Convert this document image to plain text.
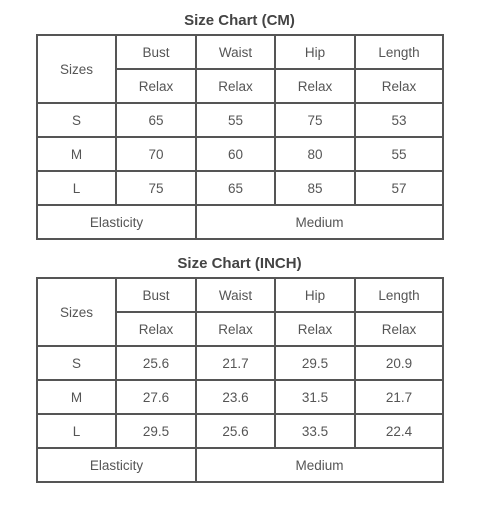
Size Chart (CM)
Sizes	Bust	Waist	Hip	Length
	Relax	Relax	Relax	Relax
S	65	55	75	53
M	70	60	80	55
L	75	65	85	57
Elasticity		Medium		
Size Chart (INCH)
Sizes	Bust	Waist	Hip	Length
	Relax	Relax	Relax	Relax
S	25.6	21.7	29.5	20.9
M	27.6	23.6	31.5	21.7
L	29.5	25.6	33.5	22.4
Elasticity		Medium		
